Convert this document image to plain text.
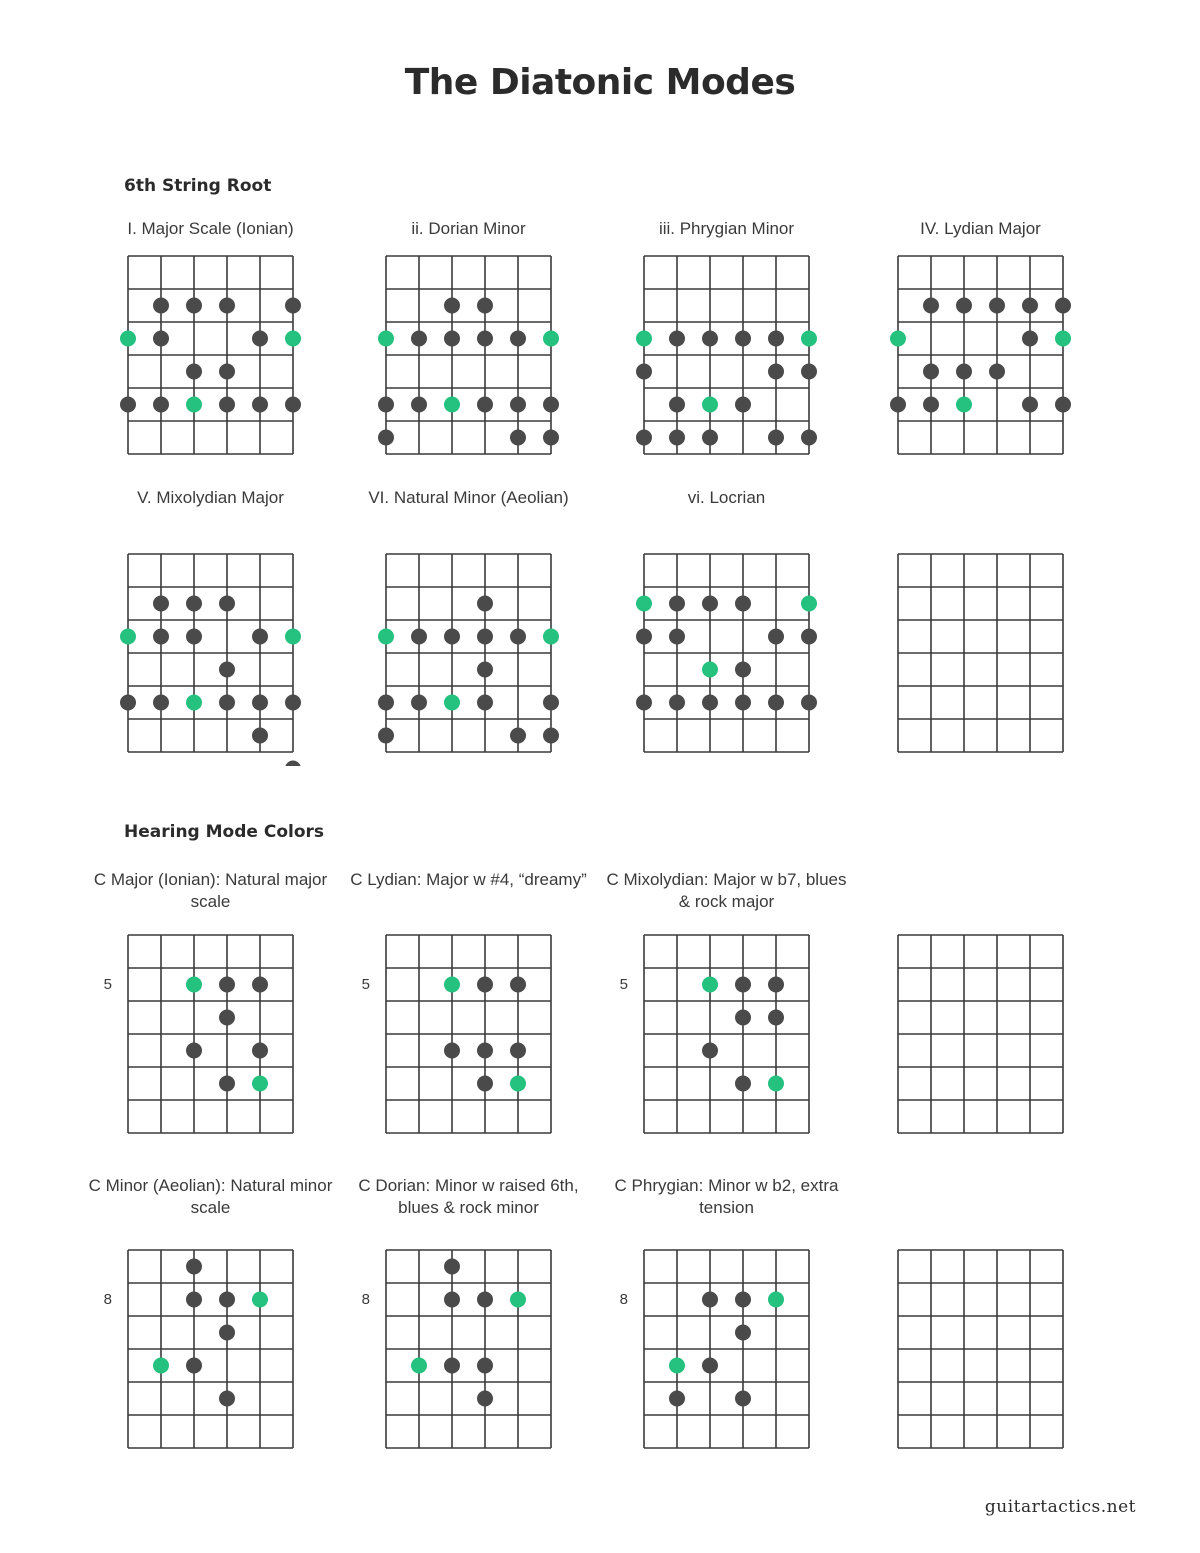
The Diatonic Modes
6th String Root
Hearing Mode Colors
I. Major Scale (Ionian)	ii. Dorian Minor	iii. Phrygian Minor	IV. Lydian Major
V. Mixolydian Major	VI. Natural Minor (Aeolian)	vi. Locrian
C Major (Ionian): Natural major scale
5
C Lydian: Major w #4, “dreamy”
5
C Mixolydian: Major w b7, blues & rock major
5
C Minor (Aeolian): Natural minor scale
8
C Dorian: Minor w raised 6th, blues & rock minor
8
C Phrygian: Minor w b2, extra tension
8
guitartactics.net
